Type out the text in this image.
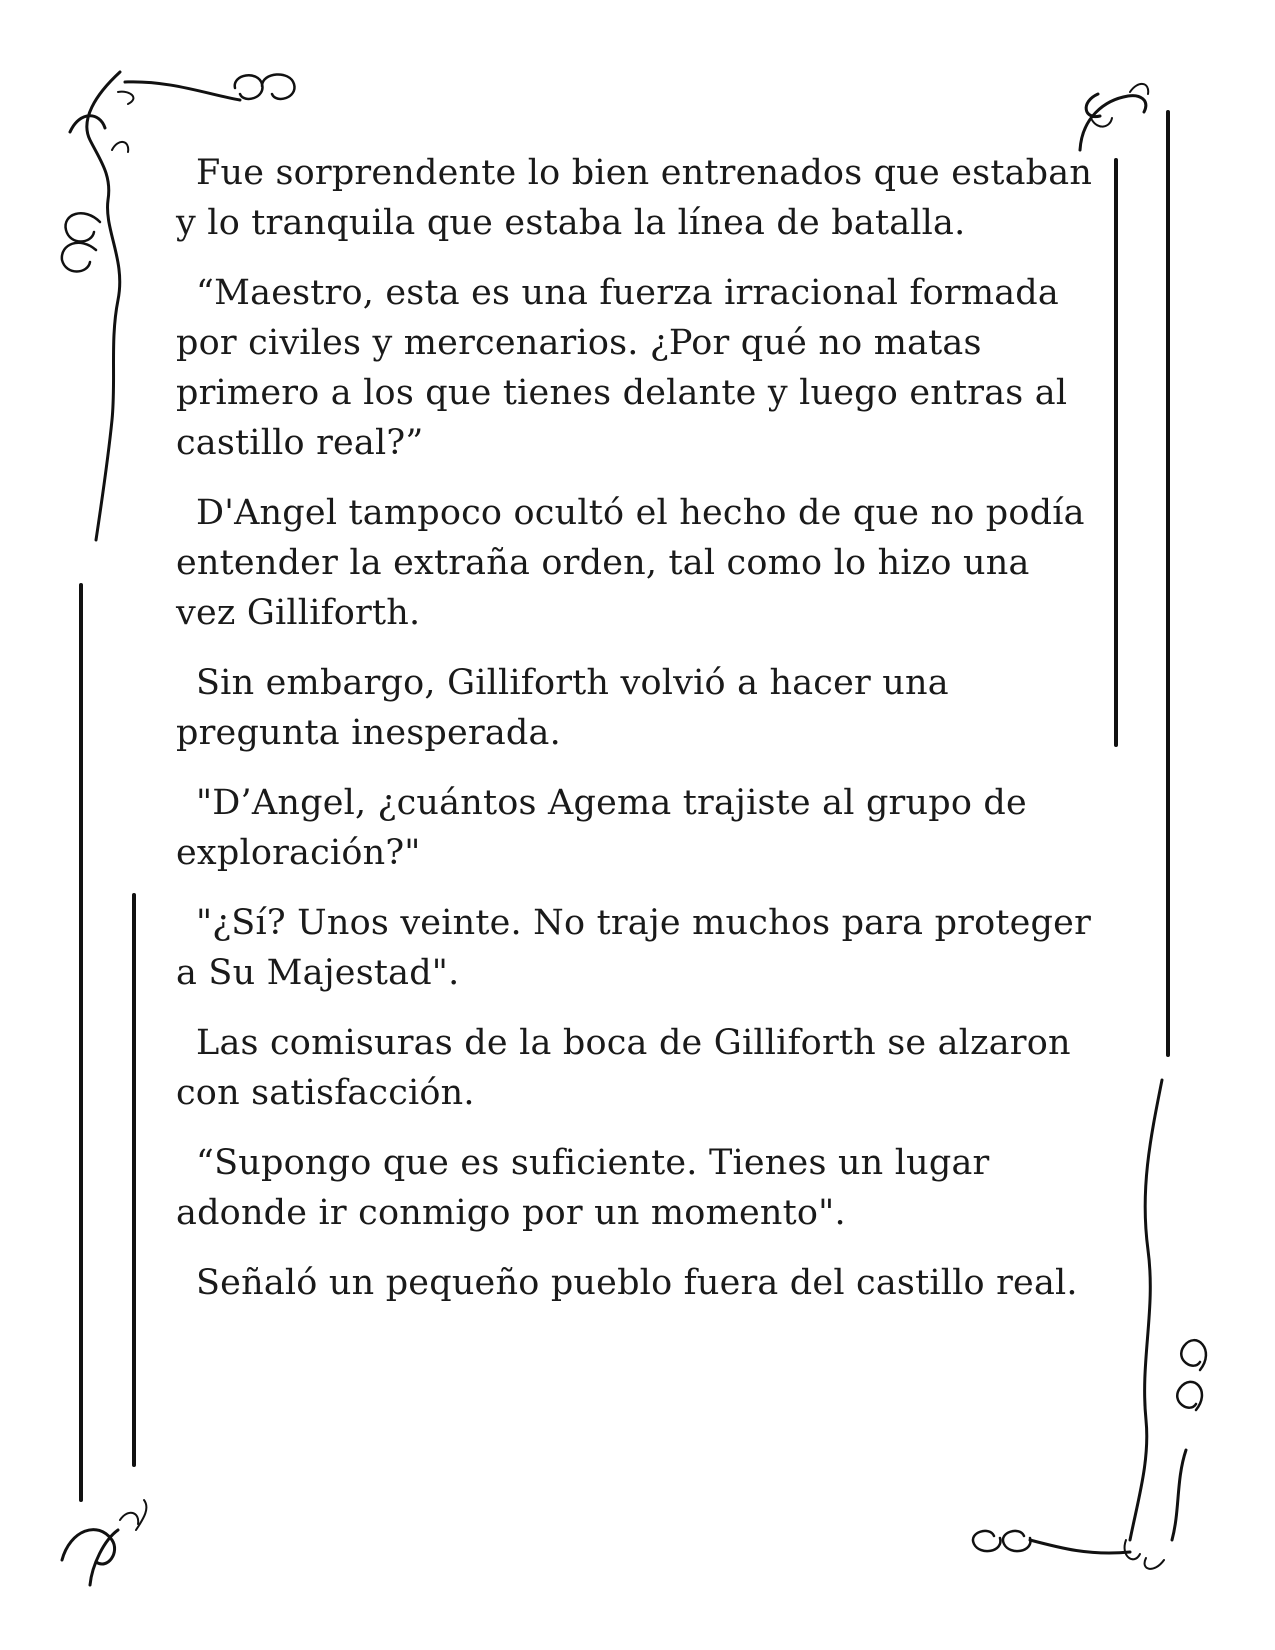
Fue sorprendente lo bien entrenados que estaban y lo tranquila que estaba la línea de batalla.

“Maestro, esta es una fuerza irracional formada por civiles y mercenarios. ¿Por qué no matas primero a los que tienes delante y luego entras al castillo real?”

D'Angel tampoco ocultó el hecho de que no podía entender la extraña orden, tal como lo hizo una vez Gilliforth.

Sin embargo, Gilliforth volvió a hacer una pregunta inesperada.

"D’Angel, ¿cuántos Agema trajiste al grupo de exploración?"

"¿Sí? Unos veinte. No traje muchos para proteger a Su Majestad".

Las comisuras de la boca de Gilliforth se alzaron con satisfacción.

“Supongo que es suficiente. Tienes un lugar adonde ir conmigo por un momento".

Señaló un pequeño pueblo fuera del castillo real.
